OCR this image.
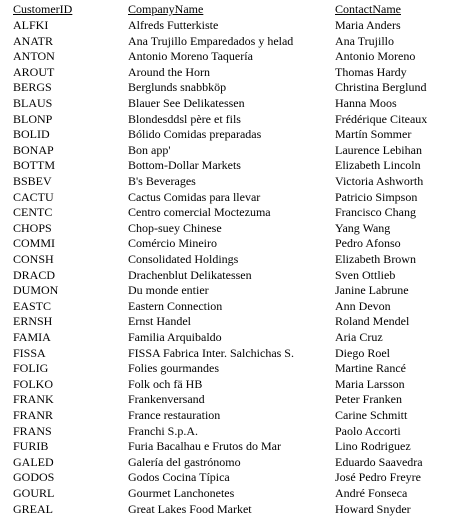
CustomerID	CompanyName	ContactName
ALFKI	Alfreds Futterkiste	Maria Anders
ANATR	Ana Trujillo Emparedados y helad	Ana Trujillo
ANTON	Antonio Moreno Taquería	Antonio Moreno
AROUT	Around the Horn	Thomas Hardy
BERGS	Berglunds snabbköp	Christina Berglund
BLAUS	Blauer See Delikatessen	Hanna Moos
BLONP	Blondesddsl père et fils	Frédérique Citeaux
BOLID	Bólido Comidas preparadas	Martín Sommer
BONAP	Bon app'	Laurence Lebihan
BOTTM	Bottom-Dollar Markets	Elizabeth Lincoln
BSBEV	B's Beverages	Victoria Ashworth
CACTU	Cactus Comidas para llevar	Patricio Simpson
CENTC	Centro comercial Moctezuma	Francisco Chang
CHOPS	Chop-suey Chinese	Yang Wang
COMMI	Comércio Mineiro	Pedro Afonso
CONSH	Consolidated Holdings	Elizabeth Brown
DRACD	Drachenblut Delikatessen	Sven Ottlieb
DUMON	Du monde entier	Janine Labrune
EASTC	Eastern Connection	Ann Devon
ERNSH	Ernst Handel	Roland Mendel
FAMIA	Familia Arquibaldo	Aria Cruz
FISSA	FISSA Fabrica Inter. Salchichas S.	Diego Roel
FOLIG	Folies gourmandes	Martine Rancé
FOLKO	Folk och fä HB	Maria Larsson
FRANK	Frankenversand	Peter Franken
FRANR	France restauration	Carine Schmitt
FRANS	Franchi S.p.A.	Paolo Accorti
FURIB	Furia Bacalhau e Frutos do Mar	Lino Rodriguez
GALED	Galería del gastrónomo	Eduardo Saavedra
GODOS	Godos Cocina Típica	José Pedro Freyre
GOURL	Gourmet Lanchonetes	André Fonseca
GREAL	Great Lakes Food Market	Howard Snyder
